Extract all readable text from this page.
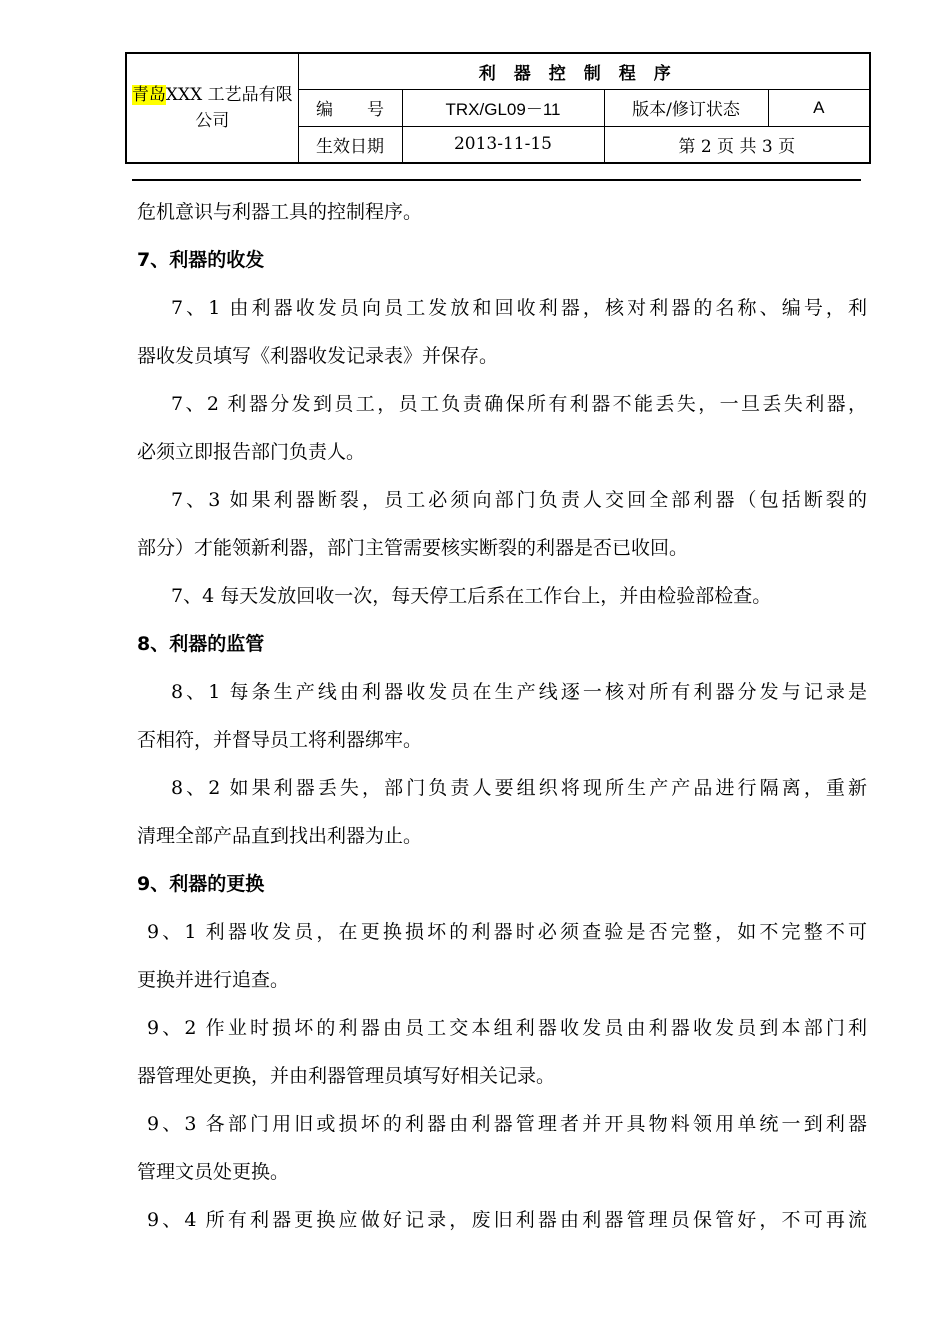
青岛XXX 工艺品有限公司	利器控制程序			
	编　　号	TRX/GL09－11	版本/修订状态	A
	生效日期	2013-11-15	第 2 页 共 3 页	
危机意识与利器工具的控制程序。
7、利器的收发
7、1 由利器收发员向员工发放和回收利器，核对利器的名称、编号，利
器收发员填写《利器收发记录表》并保存。
7、2 利器分发到员工，员工负责确保所有利器不能丢失，一旦丢失利器，
必须立即报告部门负责人。
7、3 如果利器断裂，员工必须向部门负责人交回全部利器（包括断裂的
部分）才能领新利器，部门主管需要核实断裂的利器是否已收回。
7、4 每天发放回收一次，每天停工后系在工作台上，并由检验部检查。
8、利器的监管
8、1 每条生产线由利器收发员在生产线逐一核对所有利器分发与记录是
否相符，并督导员工将利器绑牢。
8、2 如果利器丢失，部门负责人要组织将现所生产产品进行隔离，重新
清理全部产品直到找出利器为止。
9、利器的更换
9、1 利器收发员，在更换损坏的利器时必须查验是否完整，如不完整不可
更换并进行追查。
9、2 作业时损坏的利器由员工交本组利器收发员由利器收发员到本部门利
器管理处更换，并由利器管理员填写好相关记录。
9、3 各部门用旧或损坏的利器由利器管理者并开具物料领用单统一到利器
管理文员处更换。
9、4 所有利器更换应做好记录，废旧利器由利器管理员保管好，不可再流
